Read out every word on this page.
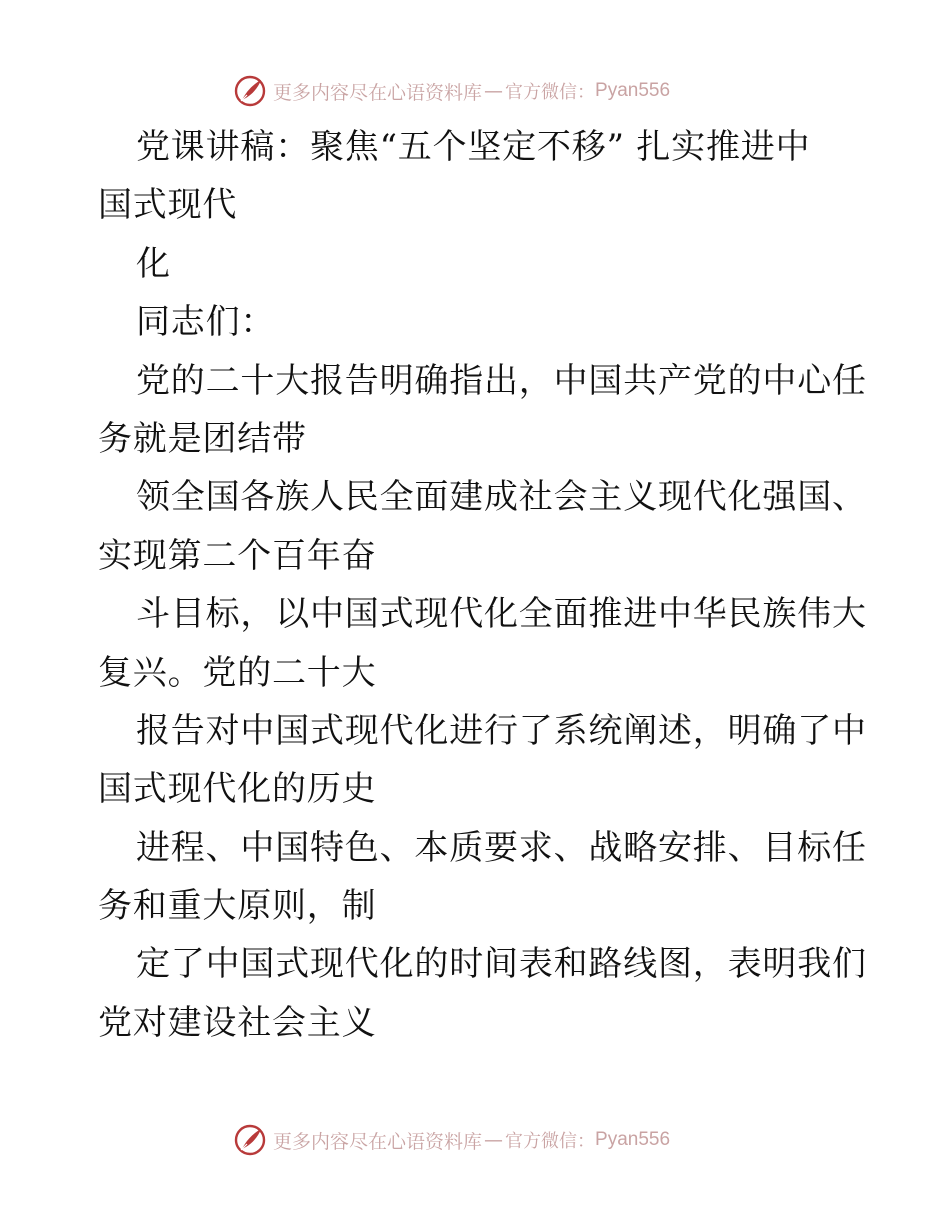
更多内容尽在心语资料库 — 官方微信： Pyan556
党课讲稿：聚焦“五个坚定不移” 扎实推进中
国式现代
化
同志们：
党的二十大报告明确指出，中国共产党的中心任
务就是团结带
领全国各族人民全面建成社会主义现代化强国、
实现第二个百年奋
斗目标，以中国式现代化全面推进中华民族伟大
复兴。党的二十大
报告对中国式现代化进行了系统阐述，明确了中
国式现代化的历史
进程、中国特色、本质要求、战略安排、目标任
务和重大原则，制
定了中国式现代化的时间表和路线图，表明我们
党对建设社会主义
更多内容尽在心语资料库 — 官方微信： Pyan556
